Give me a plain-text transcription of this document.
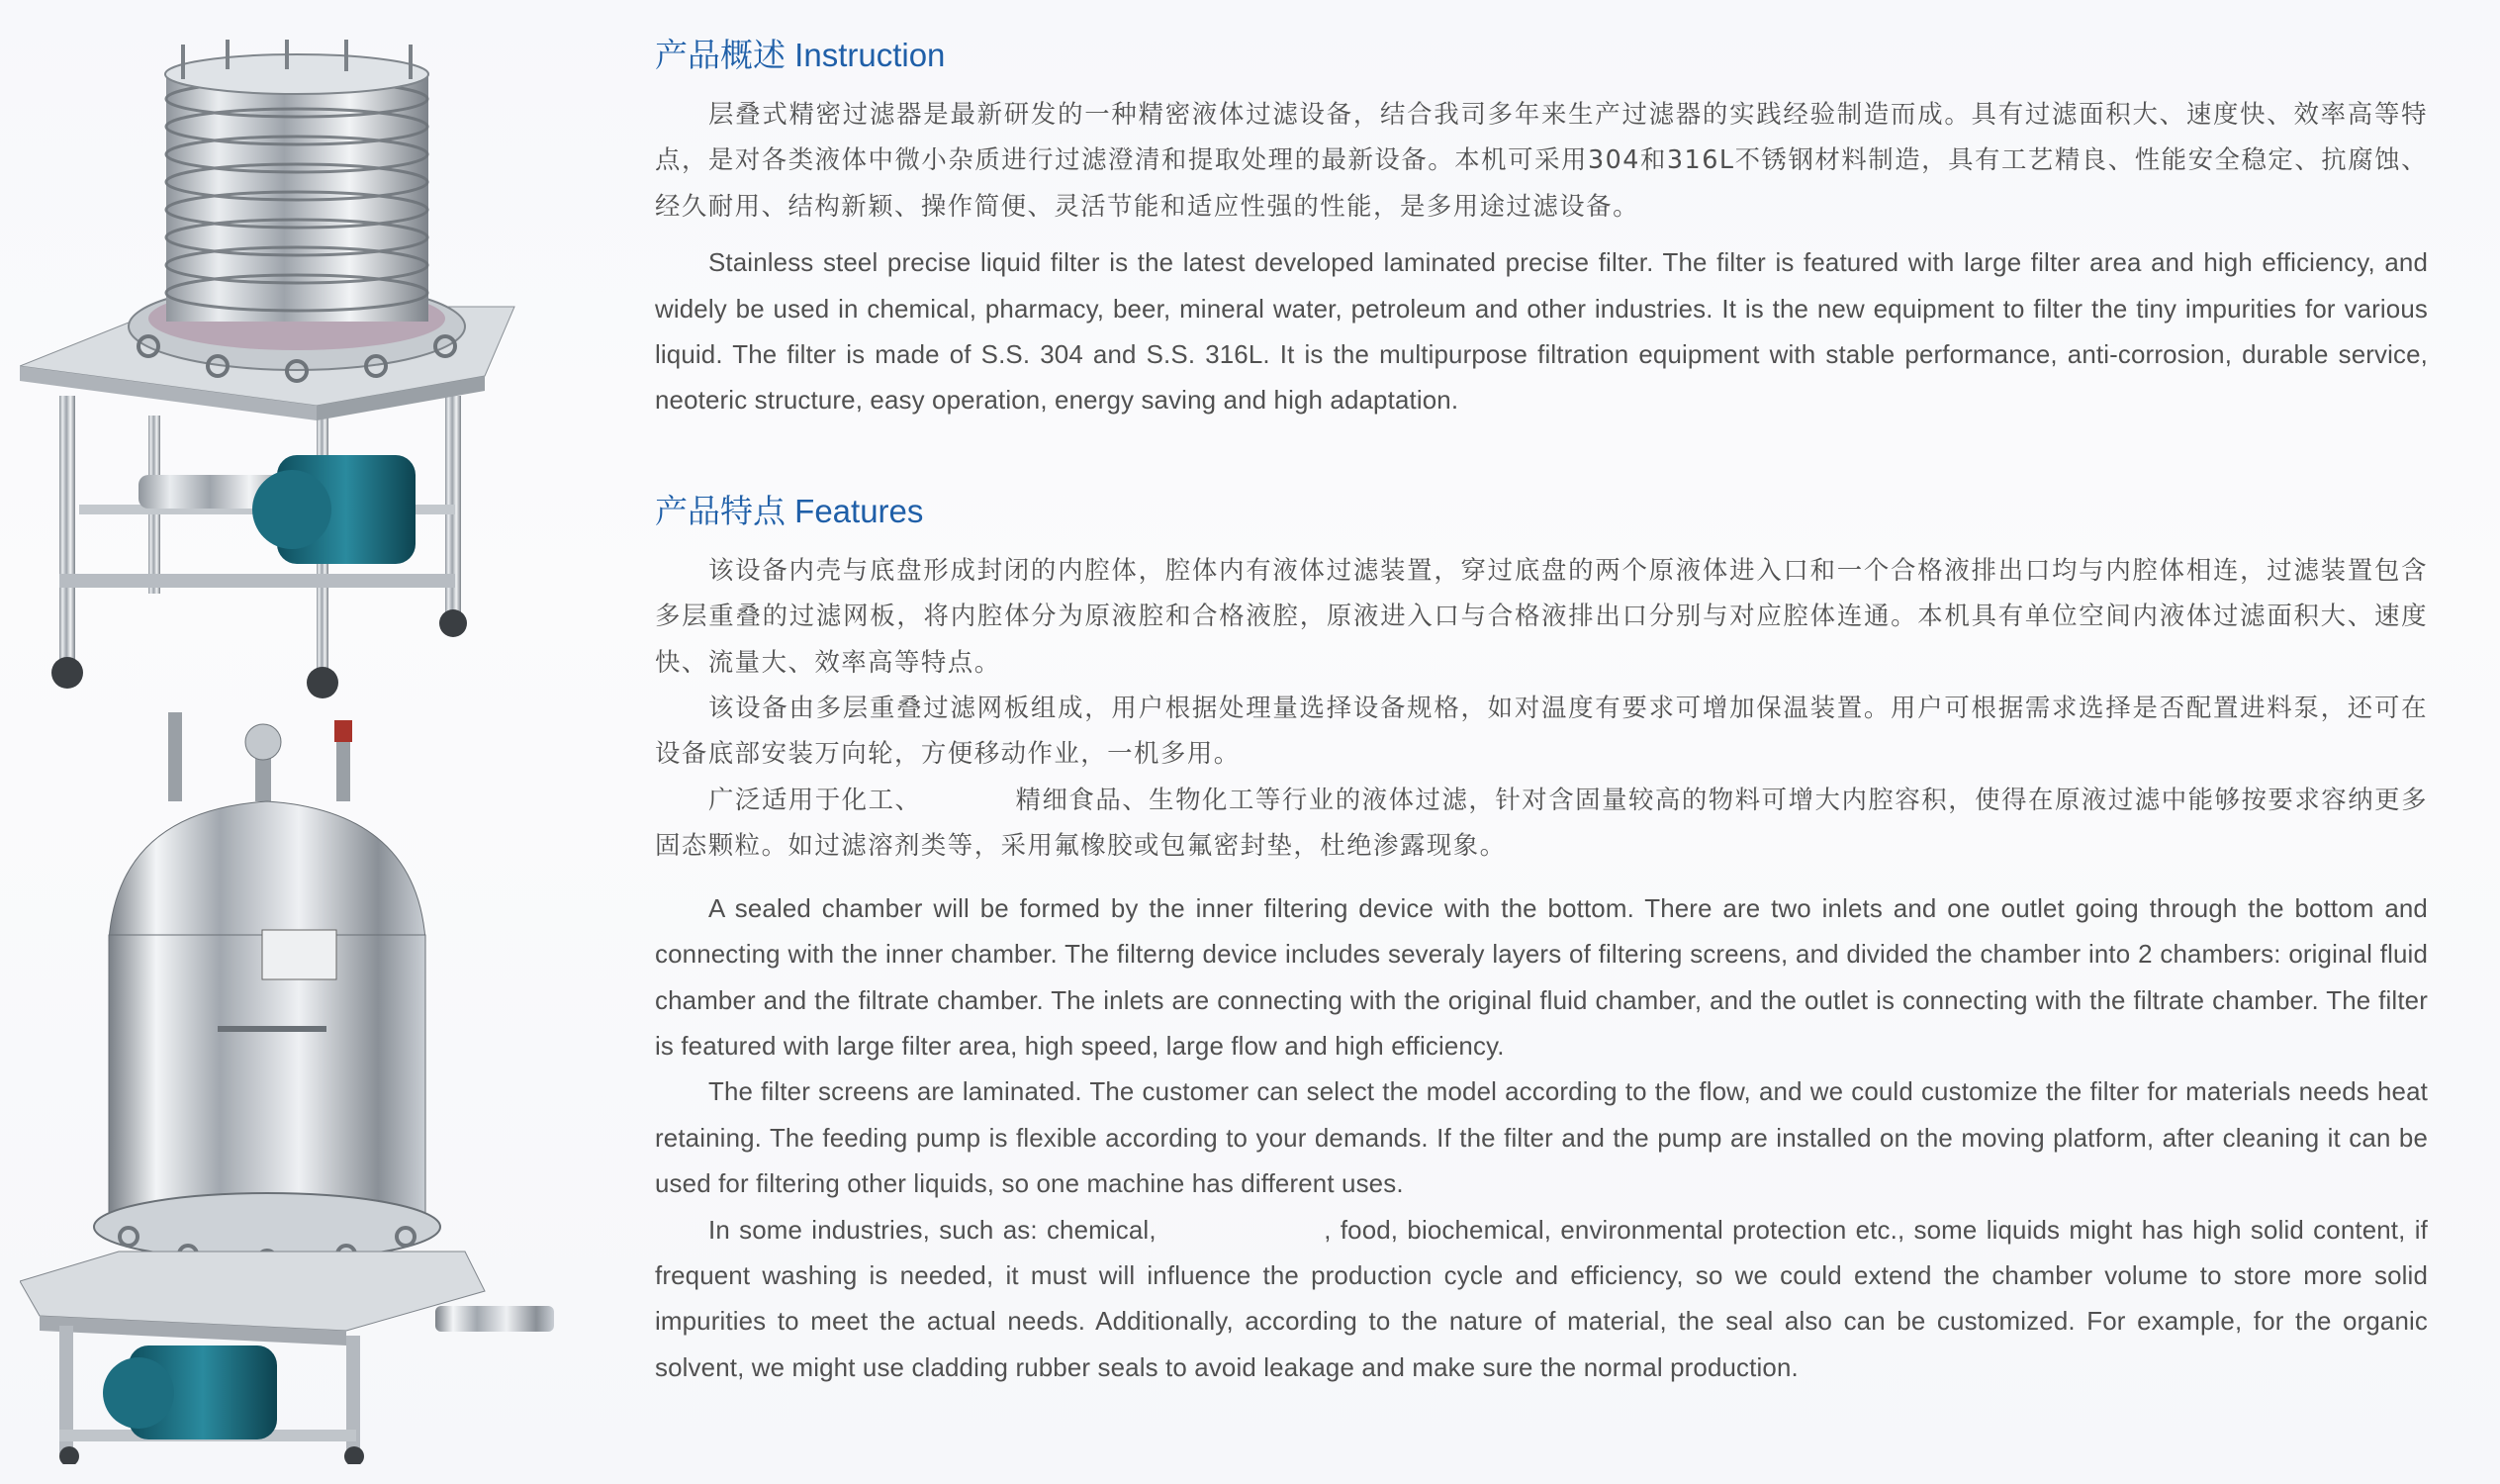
产品概述 Instruction

层叠式精密过滤器是最新研发的一种精密液体过滤设备，结合我司多年来生产过滤器的实践经验制造而成。具有过滤面积大、速度快、效率高等特点，是对各类液体中微小杂质进行过滤澄清和提取处理的最新设备。本机可采用304和316L不锈钢材料制造，具有工艺精良、性能安全稳定、抗腐蚀、经久耐用、结构新颖、操作简便、灵活节能和适应性强的性能，是多用途过滤设备。

Stainless steel precise liquid filter is the latest developed laminated precise filter. The filter is featured with large filter area and high efficiency, and widely be used in chemical, pharmacy, beer, mineral water, petroleum and other industries. It is the new equipment to filter the tiny impurities for various liquid. The filter is made of S.S. 304 and S.S. 316L. It is the multipurpose filtration equipment with stable performance, anti-corrosion, durable service, neoteric structure, easy operation, energy saving and high adaptation.

产品特点 Features

该设备内壳与底盘形成封闭的内腔体，腔体内有液体过滤装置，穿过底盘的两个原液体进入口和一个合格液排出口均与内腔体相连，过滤装置包含多层重叠的过滤网板，将内腔体分为原液腔和合格液腔，原液进入口与合格液排出口分别与对应腔体连通。本机具有单位空间内液体过滤面积大、速度快、流量大、效率高等特点。

该设备由多层重叠过滤网板组成，用户根据处理量选择设备规格，如对温度有要求可增加保温装置。用户可根据需求选择是否配置进料泵，还可在设备底部安装万向轮，方便移动作业，一机多用。

广泛适用于化工、　　　　精细食品、生物化工等行业的液体过滤，针对含固量较高的物料可增大内腔容积，使得在原液过滤中能够按要求容纳更多固态颗粒。如过滤溶剂类等，采用氟橡胶或包氟密封垫，杜绝渗露现象。

A sealed chamber will be formed by the inner filtering device with the bottom. There are two inlets and one outlet going through the bottom and connecting with the inner chamber. The filterng device includes severaly layers of filtering screens, and divided the chamber into 2 chambers: original fluid chamber and the filtrate chamber. The inlets are connecting with the original fluid chamber, and the outlet is connecting with the filtrate chamber. The filter is featured with large filter area, high speed, large flow and high efficiency.

The filter screens are laminated. The customer can select the model according to the flow, and we could customize the filter for materials needs heat retaining. The feeding pump is flexible according to your demands. If the filter and the pump are installed on the moving platform, after cleaning it can be used for filtering other liquids, so one machine has different uses.

In some industries, such as: chemical,　　　　　　, food, biochemical, environmental protection etc., some liquids might has high solid content, if frequent washing is needed, it must will influence the production cycle and efficiency, so we could extend the chamber volume to store more solid impurities to meet the actual needs. Additionally, according to the nature of material, the seal also can be customized. For example, for the organic solvent, we might use cladding rubber seals to avoid leakage and make sure the normal production.
